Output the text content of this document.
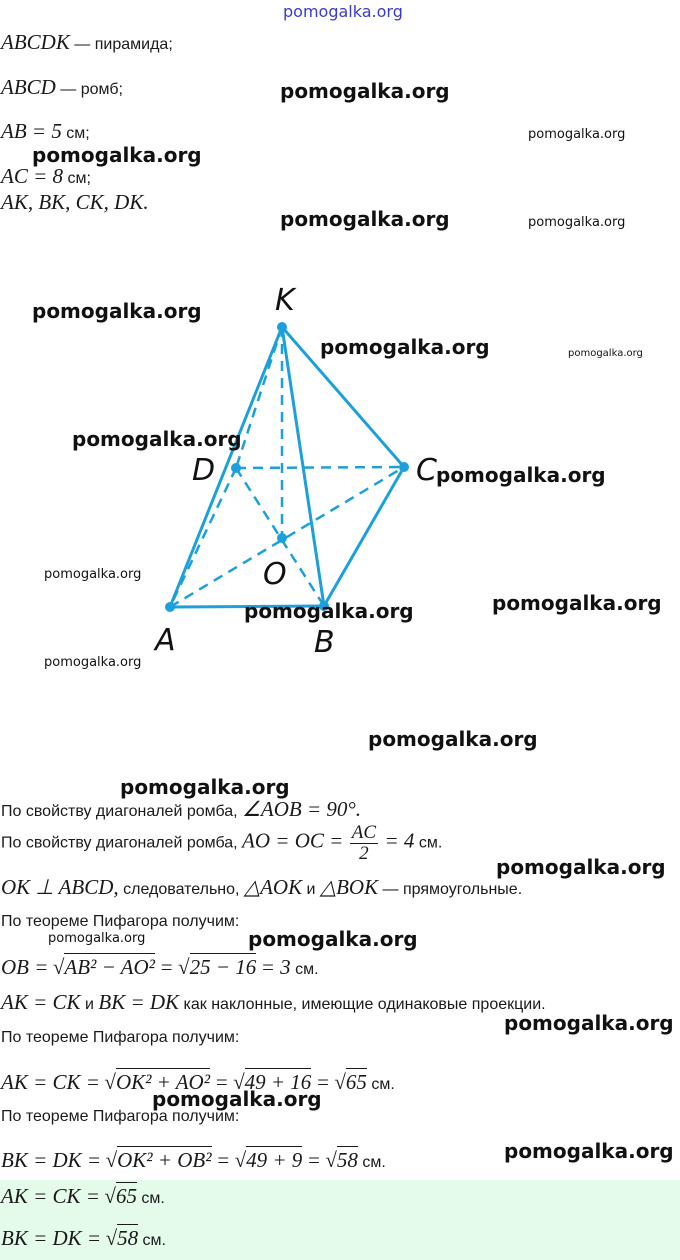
pomogalka.org
ABCDK — пирамида;
ABCD — ромб;
AB = 5 см;
AC = 8 см;
AK, BK, CK, DK.
K
D	C
O
A	B
По свойству диагоналей ромба, ∠AOB = 90°.
По свойству диагоналей ромба, AO = OC = $\frac{AC}{2} = 4$ см.
OK ⊥ ABCD, следовательно, △AOK и △BOK — прямоугольные.
По теореме Пифагора получим:
OB = √AB² − AO² = √25 − 16 = 3 см.
AK = CK и BK = DK как наклонные, имеющие одинаковые проекции.
По теореме Пифагора получим:
AK = CK = √OK² + AO² = √49 + 16 = √65 см.
По теореме Пифагора получим:
BK = DK = √OK² + OB² = √49 + 9 = √58 см.
AK = CK = √65 см.
BK = DK = √58 см.
pomogalka.org
pomogalka.org
pomogalka.org
pomogalka.org	pomogalka.org
pomogalka.org
pomogalka.org	pomogalka.org
pomogalka.org
pomogalka.org
pomogalka.org
pomogalka.org
pomogalka.org
pomogalka.org
pomogalka.org
pomogalka.org
pomogalka.org
pomogalka.org	pomogalka.org
pomogalka.org
pomogalka.org
pomogalka.org
